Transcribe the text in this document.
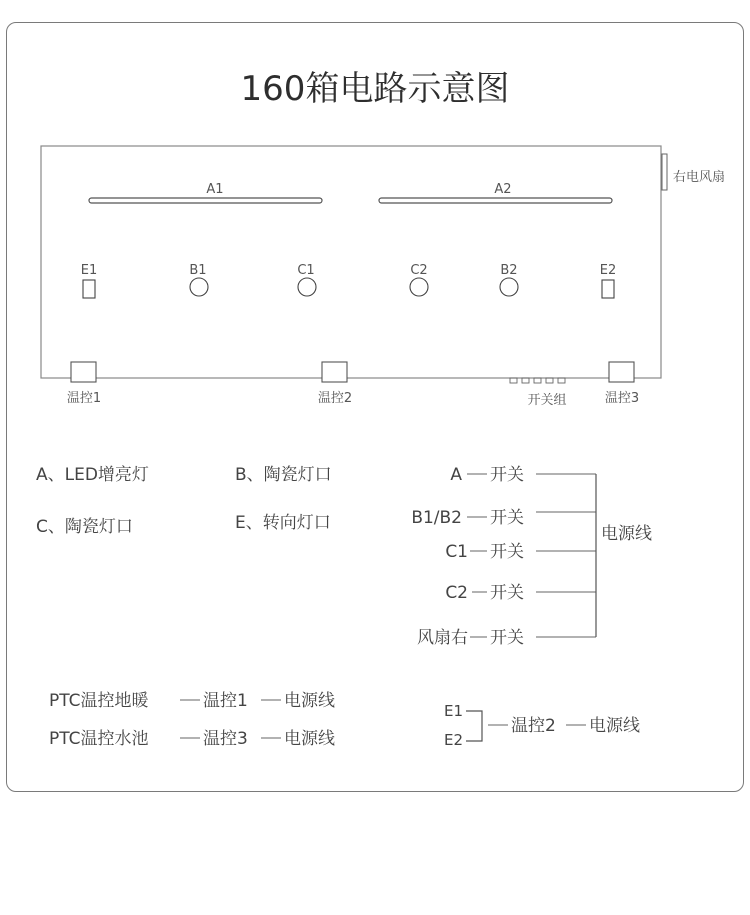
160箱电路示意图
右电风扇
A1	A2
E1	B1	C1	C2	B2	E2
温控1	温控2	温控3
开关组
A、LED增亮灯	B、陶瓷灯口
C、陶瓷灯口	E、转向灯口
A 开关
B1/B2 开关
C1 开关
C2 开关
风扇右 开关
电源线
PTC温控地暖	温控1 电源线
PTC温控水池	温控3 电源线
E1
E2
温控2 电源线
